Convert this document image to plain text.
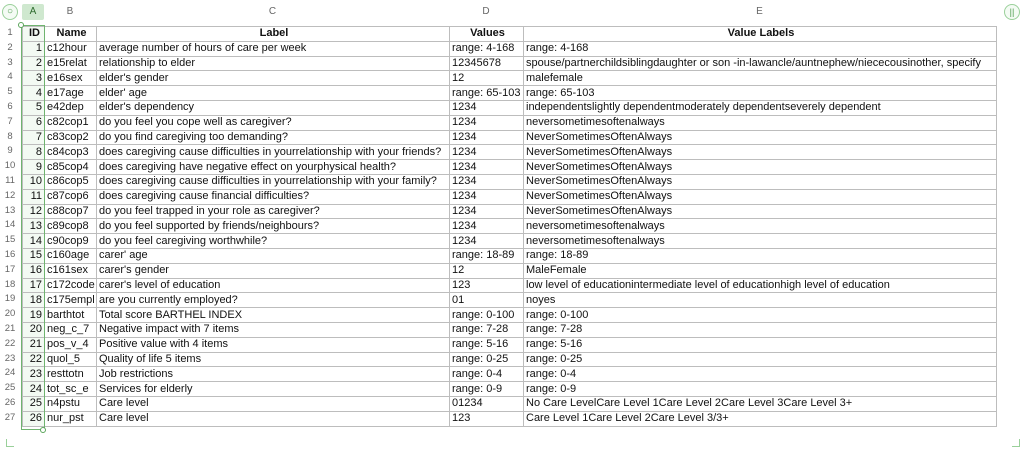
○	||
A	B	C	D	E
1
2
3
4
5
6
7
8
9
10
11
12
13
14
15
16
17
18
19
20
21
22
23
24
25
26
27
ID	Name	Label	Values	Value Labels
1	c12hour	average number of hours of care per week	range: 4-168	range: 4-168
2	e15relat	relationship to elder	12345678	spouse/partnerchildsiblingdaughter or son -in-lawancle/auntnephew/niececousinother, specify
3	e16sex	elder's gender	12	malefemale
4	e17age	elder' age	range: 65-103	range: 65-103
5	e42dep	elder's dependency	1234	independentslightly dependentmoderately dependentseverely dependent
6	c82cop1	do you feel you cope well as caregiver?	1234	neversometimesoftenalways
7	c83cop2	do you find caregiving too demanding?	1234	NeverSometimesOftenAlways
8	c84cop3	does caregiving cause difficulties in yourrelationship with your friends?	1234	NeverSometimesOftenAlways
9	c85cop4	does caregiving have negative effect on yourphysical health?	1234	NeverSometimesOftenAlways
10	c86cop5	does caregiving cause difficulties in yourrelationship with your family?	1234	NeverSometimesOftenAlways
11	c87cop6	does caregiving cause financial difficulties?	1234	NeverSometimesOftenAlways
12	c88cop7	do you feel trapped in your role as caregiver?	1234	NeverSometimesOftenAlways
13	c89cop8	do you feel supported by friends/neighbours?	1234	neversometimesoftenalways
14	c90cop9	do you feel caregiving worthwhile?	1234	neversometimesoftenalways
15	c160age	carer' age	range: 18-89	range: 18-89
16	c161sex	carer's gender	12	MaleFemale
17	c172code	carer's level of education	123	low level of educationintermediate level of educationhigh level of education
18	c175empl	are you currently employed?	01	noyes
19	barthtot	Total score BARTHEL INDEX	range: 0-100	range: 0-100
20	neg_c_7	Negative impact with 7 items	range: 7-28	range: 7-28
21	pos_v_4	Positive value with 4 items	range: 5-16	range: 5-16
22	quol_5	Quality of life 5 items	range: 0-25	range: 0-25
23	resttotn	Job restrictions	range: 0-4	range: 0-4
24	tot_sc_e	Services for elderly	range: 0-9	range: 0-9
25	n4pstu	Care level	01234	No Care LevelCare Level 1Care Level 2Care Level 3Care Level 3+
26	nur_pst	Care level	123	Care Level 1Care Level 2Care Level 3/3+
